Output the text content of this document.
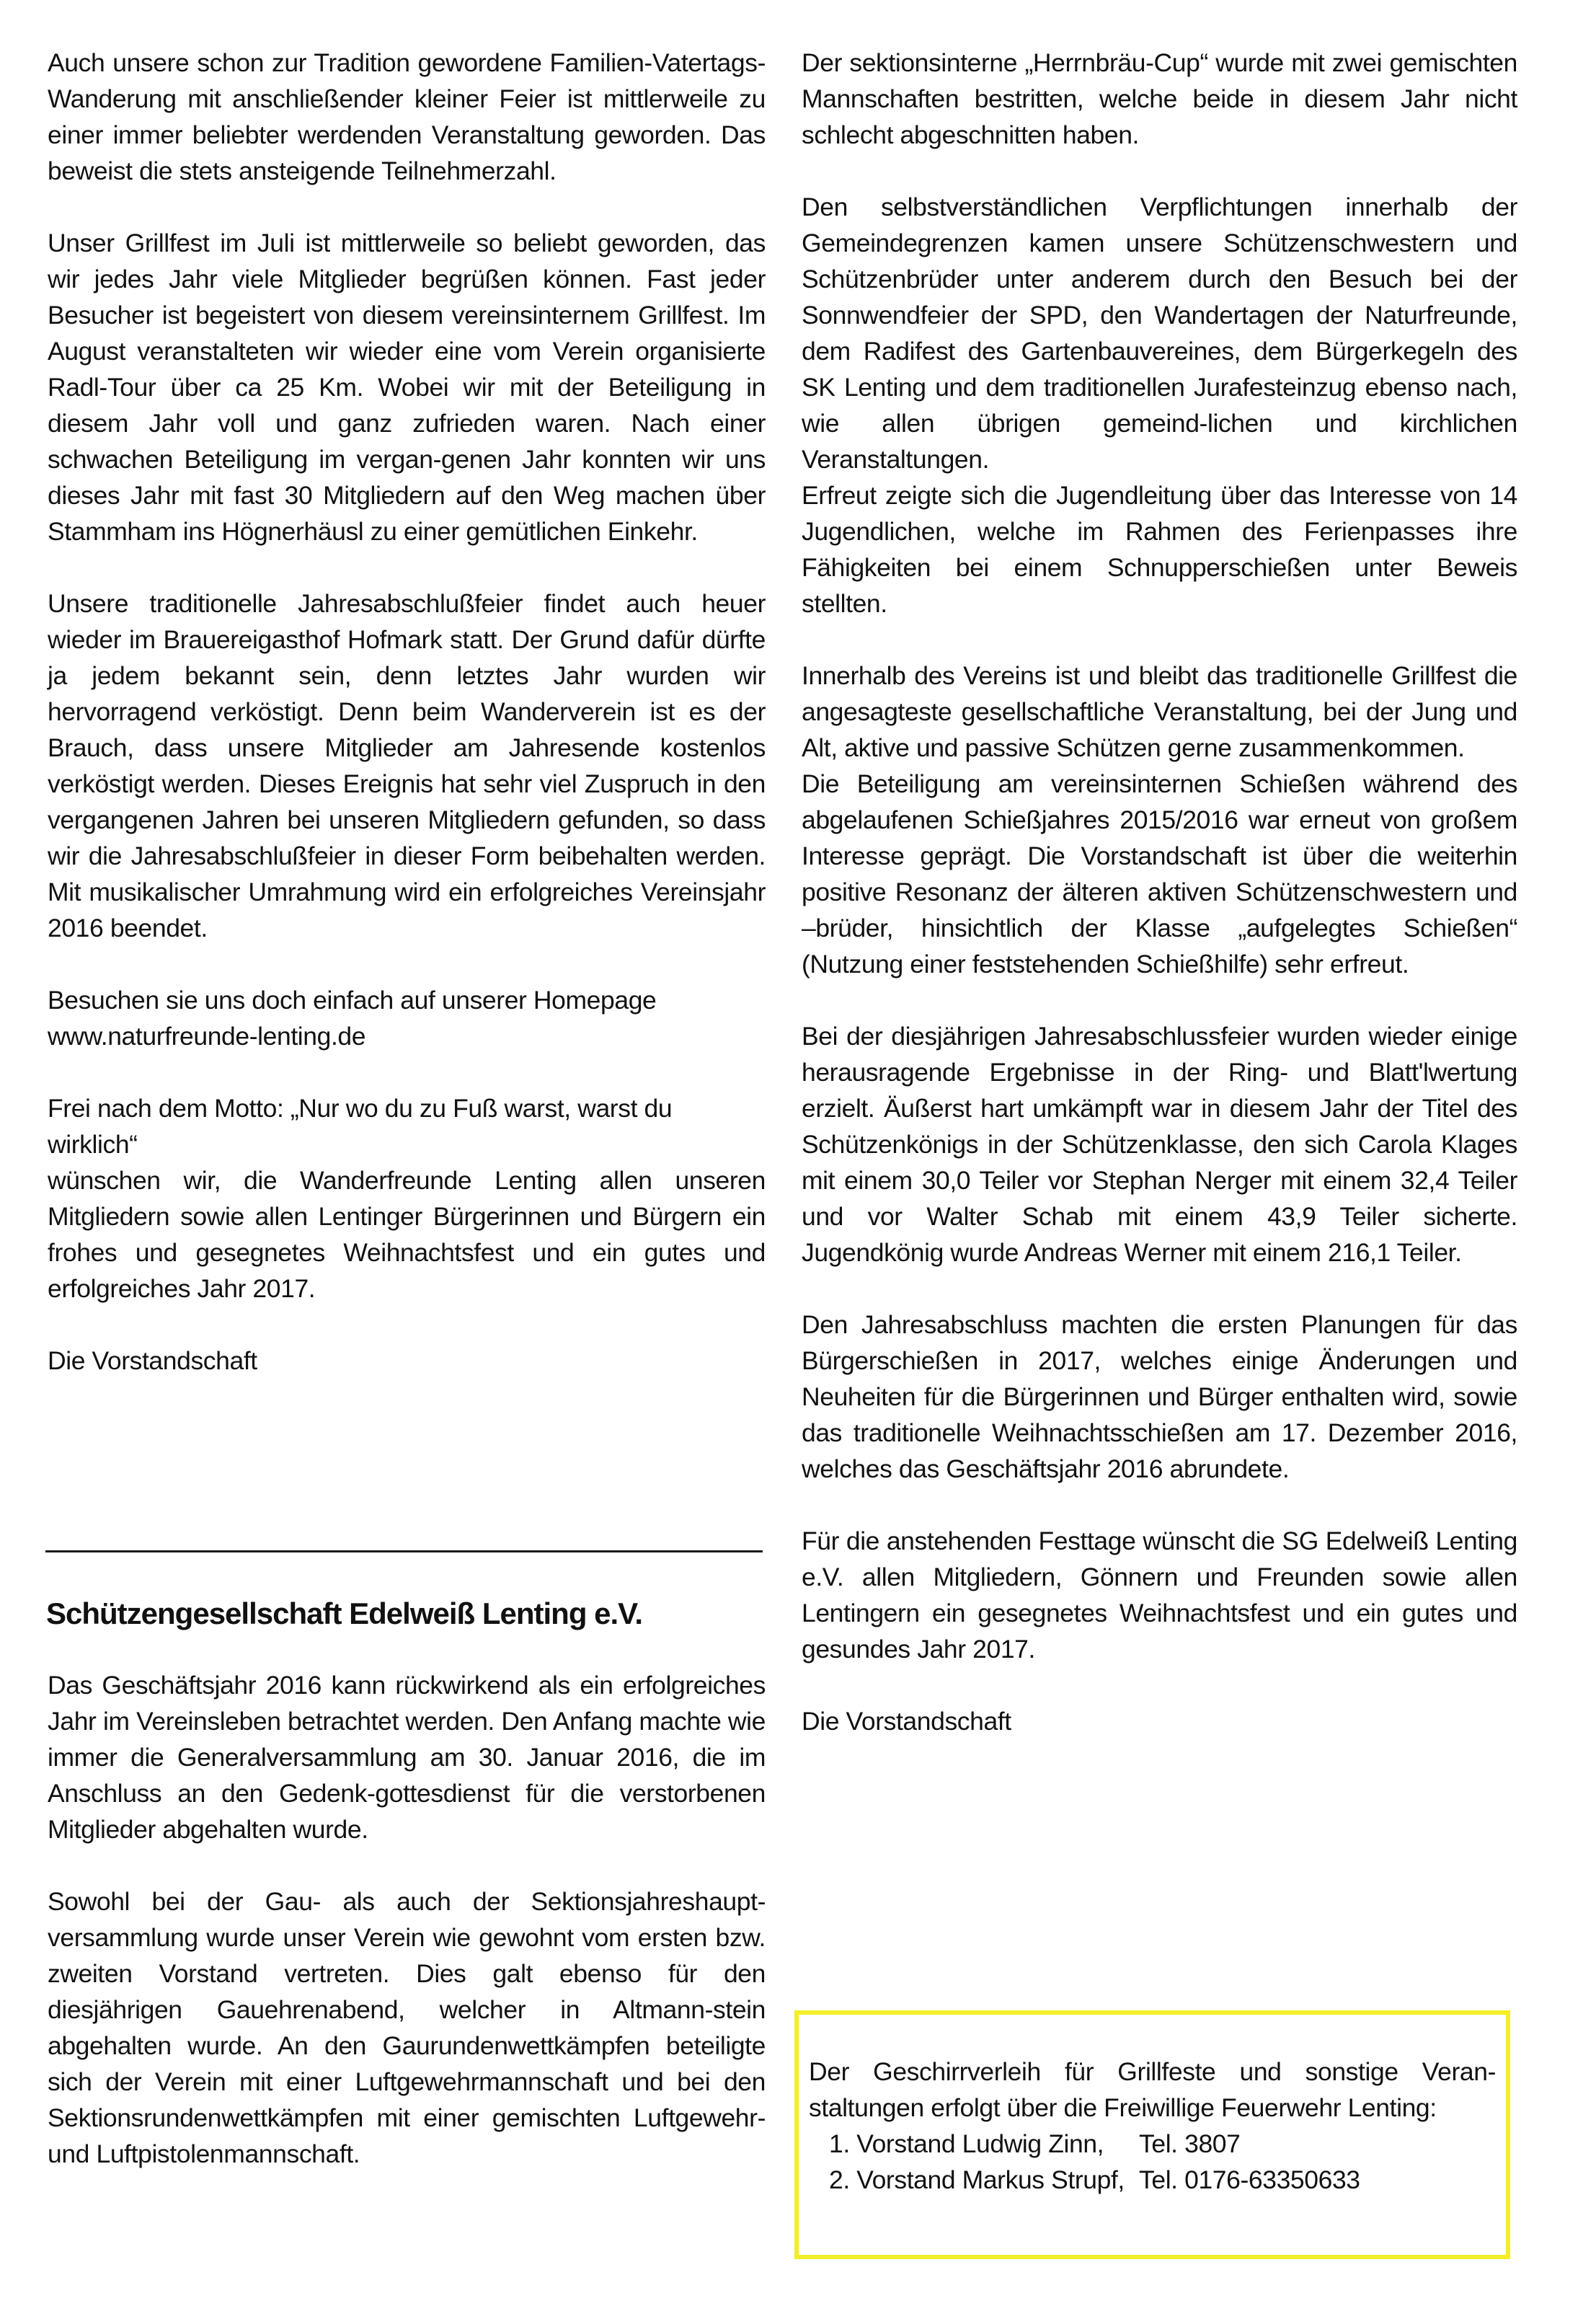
Auch unsere schon zur Tradition gewordene Familien-Vatertags-Wanderung mit anschließender kleiner Feier ist mittlerweile zu einer immer beliebter werdenden Veranstaltung geworden. Das beweist die stets ansteigende Teilnehmerzahl.

Unser Grillfest im Juli ist mittlerweile so beliebt geworden, das wir jedes Jahr viele Mitglieder begrüßen können. Fast jeder Besucher ist begeistert von diesem vereinsinternem Grillfest. Im August veranstalteten wir wieder eine vom Verein organisierte Radl-Tour über ca 25 Km. Wobei wir mit der Beteiligung in diesem Jahr voll und ganz zufrieden waren. Nach einer schwachen Beteiligung im vergan-genen Jahr konnten wir uns dieses Jahr mit fast 30 Mitgliedern auf den Weg machen über Stammham ins Högnerhäusl zu einer gemütlichen Einkehr.

Unsere traditionelle Jahresabschlußfeier findet auch heuer wieder im Brauereigasthof Hofmark statt. Der Grund dafür dürfte ja jedem bekannt sein, denn letztes Jahr wurden wir hervorragend verköstigt. Denn beim Wanderverein ist es der Brauch, dass unsere Mitglieder am Jahresende kostenlos verköstigt werden. Dieses Ereignis hat sehr viel Zuspruch in den vergangenen Jahren bei unseren Mitgliedern gefunden, so dass wir die Jahresabschlußfeier in dieser Form beibehalten werden. Mit musikalischer Umrahmung wird ein erfolgreiches Vereinsjahr 2016 beendet.

Besuchen sie uns doch einfach auf unserer Homepage
www.naturfreunde-lenting.de

Frei nach dem Motto: „Nur wo du zu Fuß warst, warst du wirklich“
wünschen wir, die Wanderfreunde Lenting allen unseren Mitgliedern sowie allen Lentinger Bürgerinnen und Bürgern ein frohes und gesegnetes Weihnachtsfest und ein gutes und erfolgreiches Jahr 2017.

Die Vorstandschaft

Schützengesellschaft Edelweiß Lenting e.V.

Das Geschäftsjahr 2016 kann rückwirkend als ein erfolgreiches Jahr im Vereinsleben betrachtet werden. Den Anfang machte wie immer die Generalversammlung am 30. Januar 2016, die im Anschluss an den Gedenk-gottesdienst für die verstorbenen Mitglieder abgehalten wurde.

Sowohl bei der Gau- als auch der Sektionsjahreshaupt-versammlung wurde unser Verein wie gewohnt vom ersten bzw. zweiten Vorstand vertreten. Dies galt ebenso für den diesjährigen Gauehrenabend, welcher in Altmann-stein abgehalten wurde. An den Gaurundenwettkämpfen beteiligte sich der Verein mit einer Luftgewehrmannschaft und bei den Sektionsrundenwettkämpfen mit einer gemischten Luftgewehr- und Luftpistolenmannschaft.

Der sektionsinterne „Herrnbräu-Cup“ wurde mit zwei gemischten Mannschaften bestritten, welche beide in diesem Jahr nicht schlecht abgeschnitten haben.

Den selbstverständlichen Verpflichtungen innerhalb der Gemeindegrenzen kamen unsere Schützenschwestern und Schützenbrüder unter anderem durch den Besuch bei der Sonnwendfeier der SPD, den Wandertagen der Naturfreunde, dem Radifest des Gartenbauvereines, dem Bürgerkegeln des SK Lenting und dem traditionellen Jurafesteinzug ebenso nach, wie allen übrigen gemeind-lichen und kirchlichen Veranstaltungen.
Erfreut zeigte sich die Jugendleitung über das Interesse von 14 Jugendlichen, welche im Rahmen des Ferienpasses ihre Fähigkeiten bei einem Schnupperschießen unter Beweis stellten.

Innerhalb des Vereins ist und bleibt das traditionelle Grillfest die angesagteste gesellschaftliche Veranstaltung, bei der Jung und Alt, aktive und passive Schützen gerne zusammenkommen.
Die Beteiligung am vereinsinternen Schießen während des abgelaufenen Schießjahres 2015/2016 war erneut von großem Interesse geprägt. Die Vorstandschaft ist über die weiterhin positive Resonanz der älteren aktiven Schützenschwestern und –brüder, hinsichtlich der Klasse „aufgelegtes Schießen“ (Nutzung einer feststehenden Schießhilfe) sehr erfreut.

Bei der diesjährigen Jahresabschlussfeier wurden wieder einige herausragende Ergebnisse in der Ring- und Blatt'lwertung erzielt. Äußerst hart umkämpft war in diesem Jahr der Titel des Schützenkönigs in der Schützenklasse, den sich Carola Klages mit einem 30,0 Teiler vor Stephan Nerger mit einem 32,4 Teiler und vor Walter Schab mit einem 43,9 Teiler sicherte. Jugendkönig wurde Andreas Werner mit einem 216,1 Teiler.

Den Jahresabschluss machten die ersten Planungen für das Bürgerschießen in 2017, welches einige Änderungen und Neuheiten für die Bürgerinnen und Bürger enthalten wird, sowie das traditionelle Weihnachtsschießen am 17. Dezember 2016, welches das Geschäftsjahr 2016 abrundete.

Für die anstehenden Festtage wünscht die SG Edelweiß Lenting e.V. allen Mitgliedern, Gönnern und Freunden sowie allen Lentingern ein gesegnetes Weihnachtsfest und ein gutes und gesundes Jahr 2017.

Die Vorstandschaft

Der Geschirrverleih für Grillfeste und sonstige Veran-staltungen erfolgt über die Freiwillige Feuerwehr Lenting:

1. Vorstand Ludwig Zinn,	Tel. 3807
2. Vorstand Markus Strupf, Tel. 0176-63350633
